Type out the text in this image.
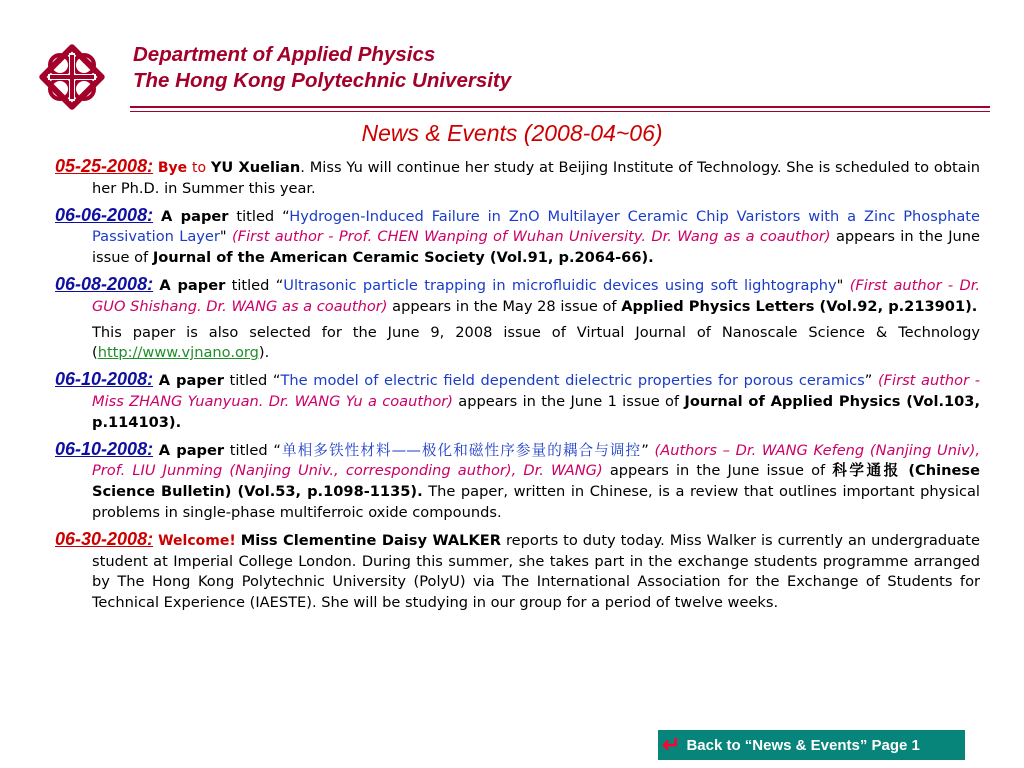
Department of Applied Physics
The Hong Kong Polytechnic University
News & Events (2008-04~06)
05-25-2008: Bye to YU Xuelian. Miss Yu will continue her study at Beijing Institute of Technology. She is scheduled to obtain her Ph.D. in Summer this year.
06-06-2008: A paper titled “Hydrogen-Induced Failure in ZnO Multilayer Ceramic Chip Varistors with a Zinc Phosphate Passivation Layer" (First author - Prof. CHEN Wanping of Wuhan University. Dr. Wang as a coauthor) appears in the June issue of Journal of the American Ceramic Society (Vol.91, p.2064-66).
06-08-2008: A paper titled “Ultrasonic particle trapping in microfluidic devices using soft lightography" (First author - Dr. GUO Shishang. Dr. WANG as a coauthor) appears in the May 28 issue of Applied Physics Letters (Vol.92, p.213901).
This paper is also selected for the June 9, 2008 issue of Virtual Journal of Nanoscale Science & Technology (http://www.vjnano.org).
06-10-2008: A paper titled “The model of electric field dependent dielectric properties for porous ceramics” (First author - Miss ZHANG Yuanyuan. Dr. WANG Yu a coauthor) appears in the June 1 issue of Journal of Applied Physics (Vol.103, p.114103).
06-10-2008: A paper titled “单相多铁性材料——极化和磁性序参量的耦合与调控” (Authors – Dr. WANG Kefeng (Nanjing Univ), Prof. LIU Junming (Nanjing Univ., corresponding author), Dr. WANG) appears in the June issue of 科学通报 (Chinese Science Bulletin) (Vol.53, p.1098-1135). The paper, written in Chinese, is a review that outlines important physical problems in single-phase multiferroic oxide compounds.
06-30-2008: Welcome! Miss Clementine Daisy WALKER reports to duty today. Miss Walker is currently an undergraduate student at Imperial College London. During this summer, she takes part in the exchange students programme arranged by The Hong Kong Polytechnic University (PolyU) via The International Association for the Exchange of Students for Technical Experience (IAESTE). She will be studying in our group for a period of twelve weeks.
↵ Back to “News & Events” Page 1
